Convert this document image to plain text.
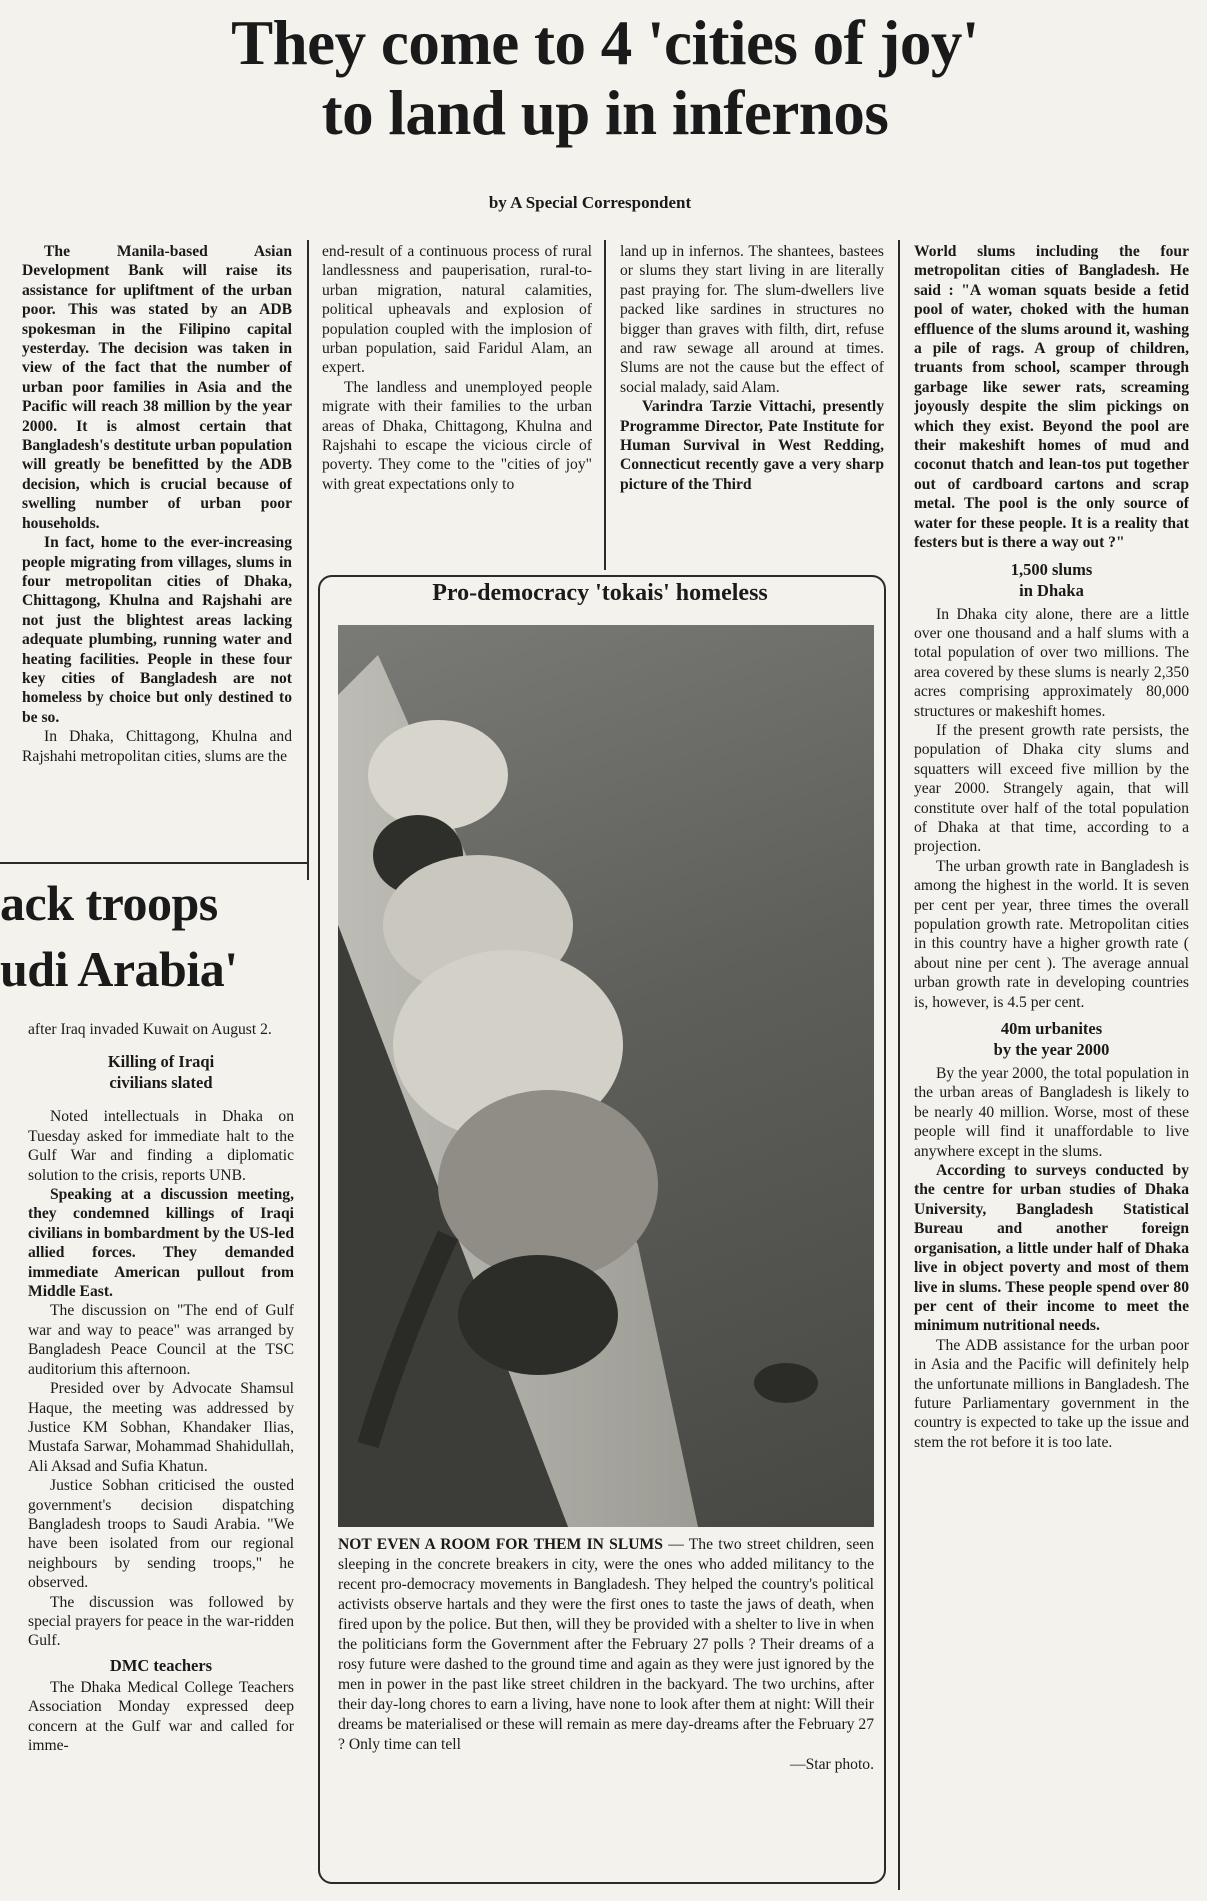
They come to 4 'cities of joy'
to land up in infernos
by A Special Correspondent

The Manila-based Asian Development Bank will raise its assistance for upliftment of the urban poor. This was stated by an ADB spokesman in the Filipino capital yesterday. The decision was taken in view of the fact that the number of urban poor families in Asia and the Pacific will reach 38 million by the year 2000. It is almost certain that Bangladesh's destitute urban population will greatly be benefitted by the ADB decision, which is crucial because of swelling number of urban poor households.

In fact, home to the ever-increasing people migrating from villages, slums in four metropolitan cities of Dhaka, Chittagong, Khulna and Rajshahi are not just the blightest areas lacking adequate plumbing, running water and heating facilities. People in these four key cities of Bangladesh are not homeless by choice but only destined to be so.

In Dhaka, Chittagong, Khulna and Rajshahi metropolitan cities, slums are the

end-result of a continuous process of rural landlessness and pauperisation, rural-to-urban migration, natural calamities, political upheavals and explosion of population coupled with the implosion of urban population, said Faridul Alam, an expert.

The landless and unemployed people migrate with their families to the urban areas of Dhaka, Chittagong, Khulna and Rajshahi to escape the vicious circle of poverty. They come to the "cities of joy" with great expectations only to

land up in infernos. The shantees, bastees or slums they start living in are literally past praying for. The slum-dwellers live packed like sardines in structures no bigger than graves with filth, dirt, refuse and raw sewage all around at times. Slums are not the cause but the effect of social malady, said Alam.

Varindra Tarzie Vittachi, presently Programme Director, Pate Institute for Human Survival in West Redding, Connecticut recently gave a very sharp picture of the Third

World slums including the four metropolitan cities of Bangladesh. He said : "A woman squats beside a fetid pool of water, choked with the human effluence of the slums around it, washing a pile of rags. A group of children, truants from school, scamper through garbage like sewer rats, screaming joyously despite the slim pickings on which they exist. Beyond the pool are their makeshift homes of mud and coconut thatch and lean-tos put together out of cardboard cartons and scrap metal. The pool is the only source of water for these people. It is a reality that festers but is there a way out ?"

1,500 slums
in Dhaka

In Dhaka city alone, there are a little over one thousand and a half slums with a total population of over two millions. The area covered by these slums is nearly 2,350 acres comprising approximately 80,000 structures or makeshift homes.

If the present growth rate persists, the population of Dhaka city slums and squatters will exceed five million by the year 2000. Strangely again, that will constitute over half of the total population of Dhaka at that time, according to a projection.

The urban growth rate in Bangladesh is among the highest in the world. It is seven per cent per year, three times the overall population growth rate. Metropolitan cities in this country have a higher growth rate ( about nine per cent ). The average annual urban growth rate in developing countries is, however, is 4.5 per cent.

40m urbanites
by the year 2000

By the year 2000, the total population in the urban areas of Bangladesh is likely to be nearly 40 million. Worse, most of these people will find it unaffordable to live anywhere except in the slums.

According to surveys conducted by the centre for urban studies of Dhaka University, Bangladesh Statistical Bureau and another foreign organisation, a little under half of Dhaka live in object poverty and most of them live in slums. These people spend over 80 per cent of their income to meet the minimum nutritional needs.

The ADB assistance for the urban poor in Asia and the Pacific will definitely help the unfortunate millions in Bangladesh. The future Parliamentary government in the country is expected to take up the issue and stem the rot before it is too late.

ack troops
udi Arabia'

after Iraq invaded Kuwait on August 2.

Killing of Iraqi
civilians slated

Noted intellectuals in Dhaka on Tuesday asked for immediate halt to the Gulf War and finding a diplomatic solution to the crisis, reports UNB.

Speaking at a discussion meeting, they condemned killings of Iraqi civilians in bombardment by the US-led allied forces. They demanded immediate American pullout from Middle East.

The discussion on "The end of Gulf war and way to peace" was arranged by Bangladesh Peace Council at the TSC auditorium this afternoon.

Presided over by Advocate Shamsul Haque, the meeting was addressed by Justice KM Sobhan, Khandaker Ilias, Mustafa Sarwar, Mohammad Shahidullah, Ali Aksad and Sufia Khatun.

Justice Sobhan criticised the ousted government's decision dispatching Bangladesh troops to Saudi Arabia. "We have been isolated from our regional neighbours by sending troops," he observed.

The discussion was followed by special prayers for peace in the war-ridden Gulf.

DMC teachers

The Dhaka Medical College Teachers Association Monday expressed deep concern at the Gulf war and called for imme-

Pro-democracy 'tokais' homeless
NOT EVEN A ROOM FOR THEM IN SLUMS — The two street children, seen sleeping in the concrete breakers in city, were the ones who added militancy to the recent pro-democracy movements in Bangladesh. They helped the country's political activists observe hartals and they were the first ones to taste the jaws of death, when fired upon by the police. But then, will they be provided with a shelter to live in when the politicians form the Government after the February 27 polls ? Their dreams of a rosy future were dashed to the ground time and again as they were just ignored by the men in power in the past like street children in the backyard. The two urchins, after their day-long chores to earn a living, have none to look after them at night: Will their dreams be materialised or these will remain as mere day-dreams after the February 27 ? Only time can tell
—Star photo.
